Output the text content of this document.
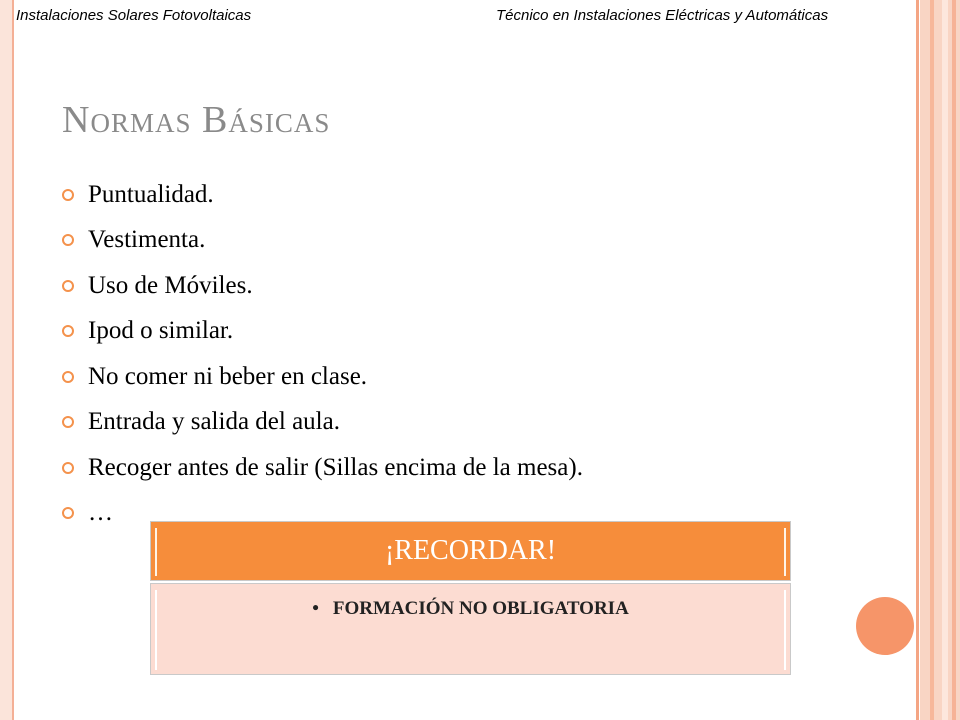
Instalaciones Solares Fotovoltaicas	Técnico en Instalaciones Eléctricas y Automáticas
Normas Básicas
Puntualidad.
Vestimenta.
Uso de Móviles.
Ipod o similar.
No comer ni beber en clase.
Entrada y salida del aula.
Recoger antes de salir (Sillas encima de la mesa).
…
¡RECORDAR!
• FORMACIÓN NO OBLIGATORIA
